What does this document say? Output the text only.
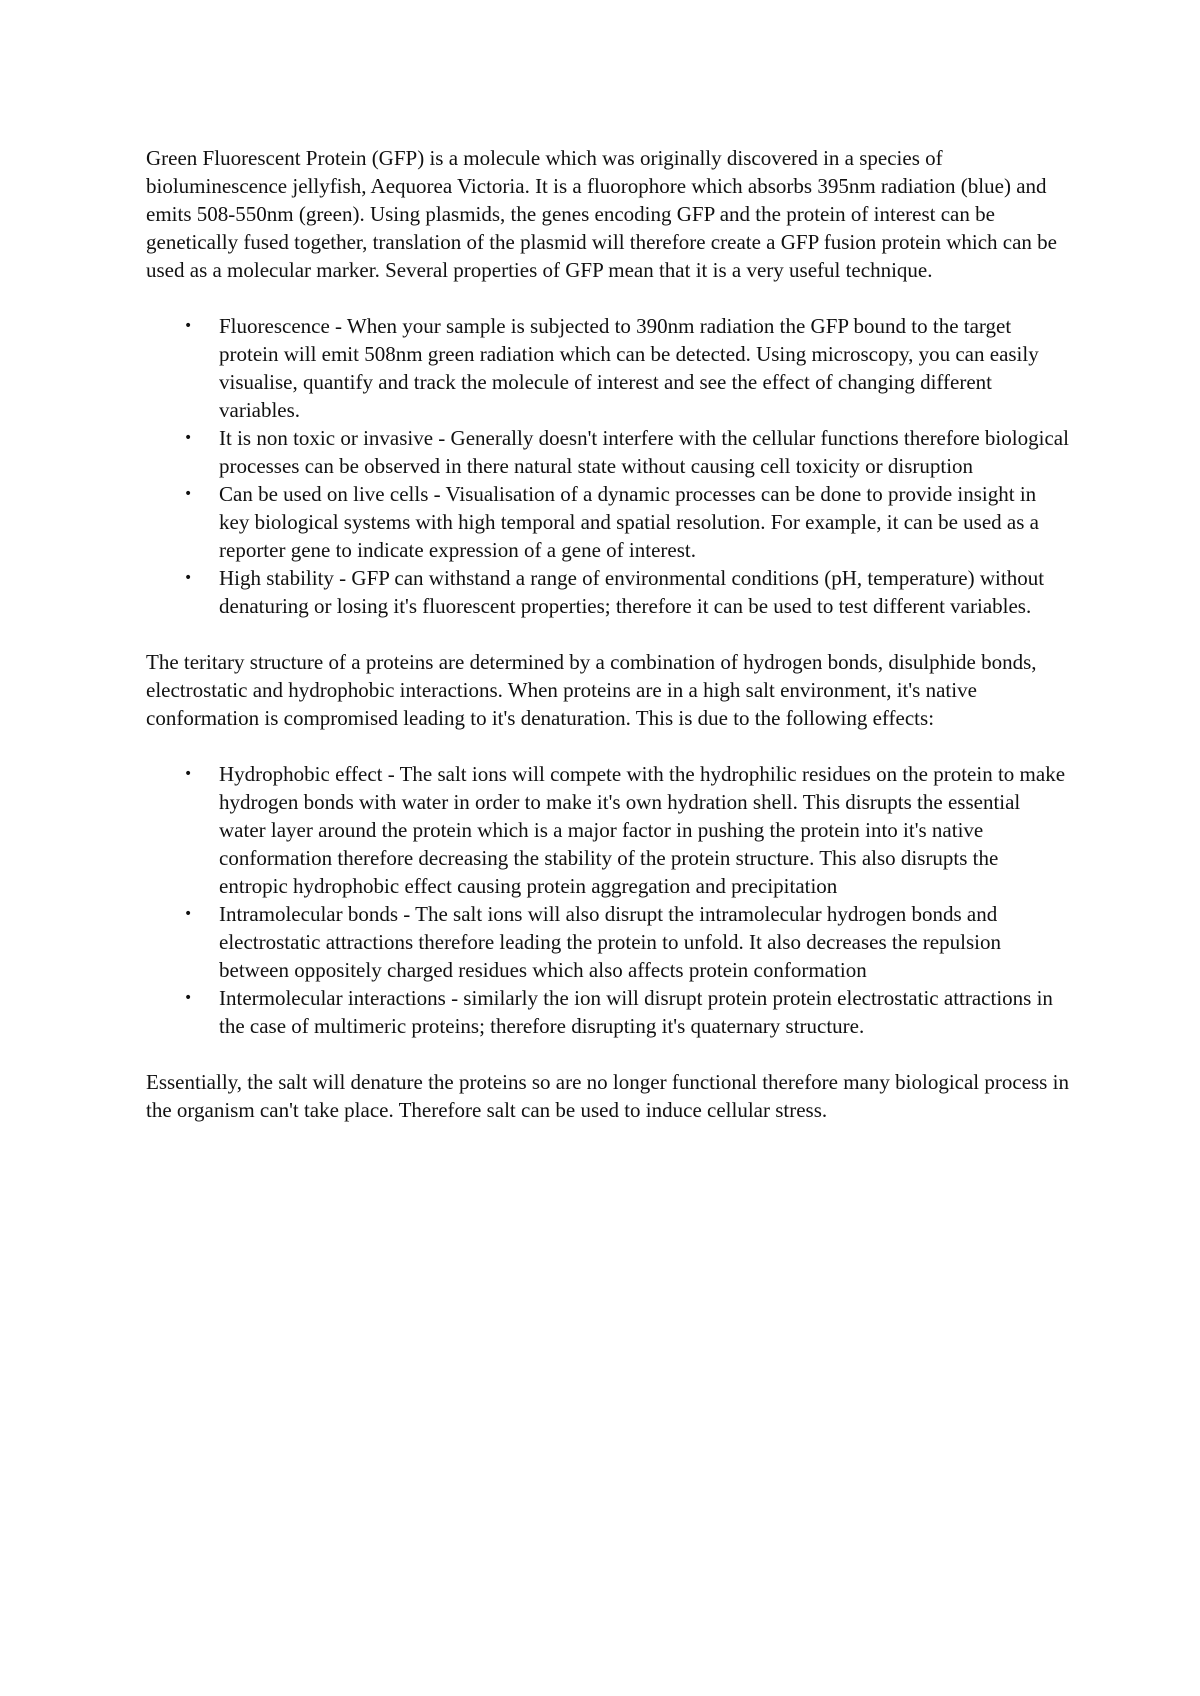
Green Fluorescent Protein (GFP) is a molecule which was originally discovered in a species of bioluminescence jellyfish, Aequorea Victoria. It is a fluorophore which absorbs 395nm radiation (blue) and emits 508-550nm (green). Using plasmids, the genes encoding GFP and the protein of interest can be genetically fused together, translation of the plasmid will therefore create a GFP fusion protein which can be used as a molecular marker. Several properties of GFP mean that it is a very useful technique.

• Fluorescence - When your sample is subjected to 390nm radiation the GFP bound to the target protein will emit 508nm green radiation which can be detected. Using microscopy, you can easily visualise, quantify and track the molecule of interest and see the effect of changing different variables.
• It is non toxic or invasive - Generally doesn't interfere with the cellular functions therefore biological processes can be observed in there natural state without causing cell toxicity or disruption
• Can be used on live cells - Visualisation of a dynamic processes can be done to provide insight in key biological systems with high temporal and spatial resolution. For example, it can be used as a reporter gene to indicate expression of a gene of interest.
• High stability - GFP can withstand a range of environmental conditions (pH, temperature) without denaturing or losing it's fluorescent properties; therefore it can be used to test different variables.

The teritary structure of a proteins are determined by a combination of hydrogen bonds, disulphide bonds, electrostatic and hydrophobic interactions. When proteins are in a high salt environment, it's native conformation is compromised leading to it's denaturation. This is due to the following effects:

• Hydrophobic effect - The salt ions will compete with the hydrophilic residues on the protein to make hydrogen bonds with water in order to make it's own hydration shell. This disrupts the essential water layer around the protein which is a major factor in pushing the protein into it's native conformation therefore decreasing the stability of the protein structure. This also disrupts the entropic hydrophobic effect causing protein aggregation and precipitation
• Intramolecular bonds - The salt ions will also disrupt the intramolecular hydrogen bonds and electrostatic attractions therefore leading the protein to unfold. It also decreases the repulsion between oppositely charged residues which also affects protein conformation
• Intermolecular interactions - similarly the ion will disrupt protein protein electrostatic attractions in the case of multimeric proteins; therefore disrupting it's quaternary structure.

Essentially, the salt will denature the proteins so are no longer functional therefore many biological process in the organism can't take place. Therefore salt can be used to induce cellular stress.
